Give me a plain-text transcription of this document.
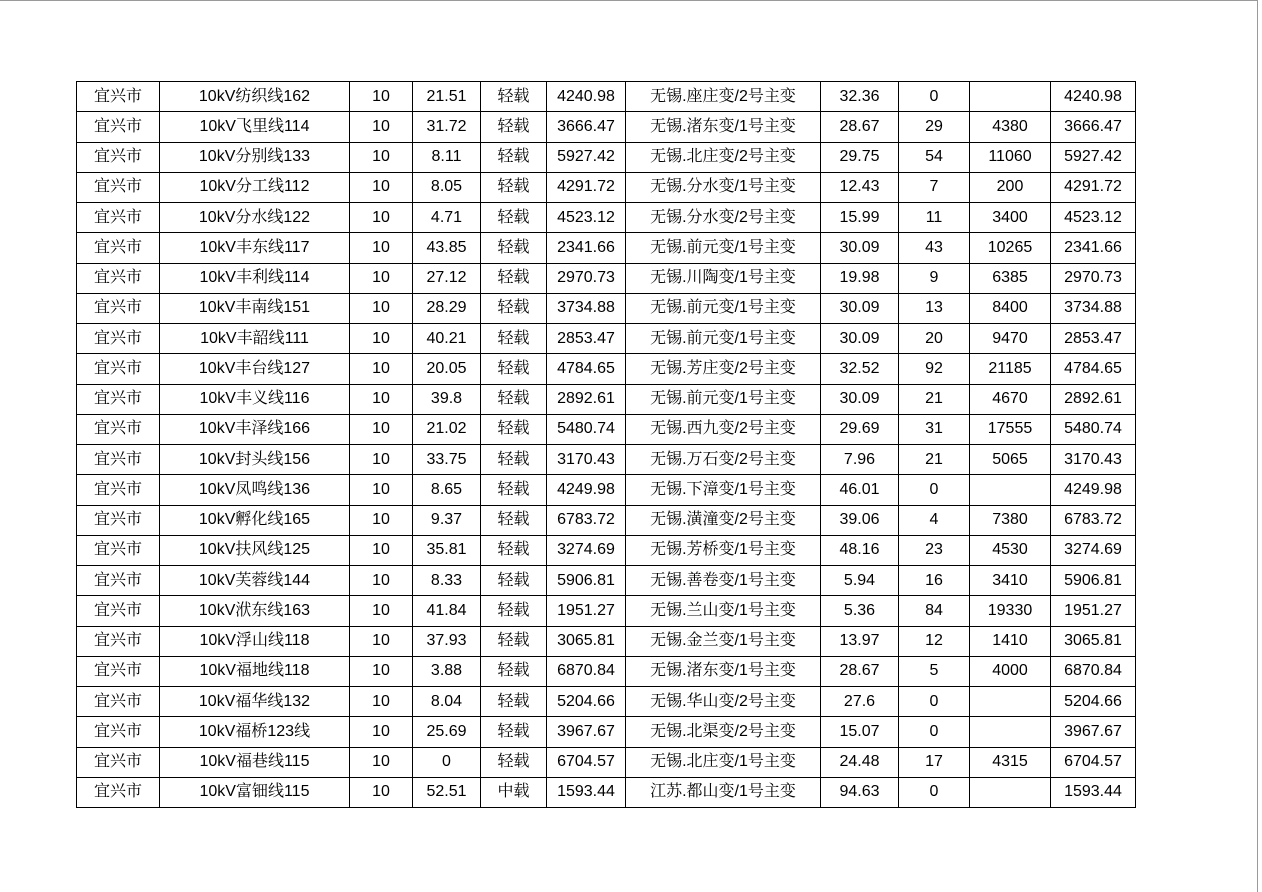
宜兴市	10kV纺织线162	10	21.51	轻载	4240.98	无锡.座庄变/2号主变	32.36	0		4240.98
宜兴市	10kV飞里线114	10	31.72	轻载	3666.47	无锡.渚东变/1号主变	28.67	29	4380	3666.47
宜兴市	10kV分别线133	10	8.11	轻载	5927.42	无锡.北庄变/2号主变	29.75	54	11060	5927.42
宜兴市	10kV分工线112	10	8.05	轻载	4291.72	无锡.分水变/1号主变	12.43	7	200	4291.72
宜兴市	10kV分水线122	10	4.71	轻载	4523.12	无锡.分水变/2号主变	15.99	11	3400	4523.12
宜兴市	10kV丰东线117	10	43.85	轻载	2341.66	无锡.前元变/1号主变	30.09	43	10265	2341.66
宜兴市	10kV丰利线114	10	27.12	轻载	2970.73	无锡.川陶变/1号主变	19.98	9	6385	2970.73
宜兴市	10kV丰南线151	10	28.29	轻载	3734.88	无锡.前元变/1号主变	30.09	13	8400	3734.88
宜兴市	10kV丰韶线111	10	40.21	轻载	2853.47	无锡.前元变/1号主变	30.09	20	9470	2853.47
宜兴市	10kV丰台线127	10	20.05	轻载	4784.65	无锡.芳庄变/2号主变	32.52	92	21185	4784.65
宜兴市	10kV丰义线116	10	39.8	轻载	2892.61	无锡.前元变/1号主变	30.09	21	4670	2892.61
宜兴市	10kV丰泽线166	10	21.02	轻载	5480.74	无锡.西九变/2号主变	29.69	31	17555	5480.74
宜兴市	10kV封头线156	10	33.75	轻载	3170.43	无锡.万石变/2号主变	7.96	21	5065	3170.43
宜兴市	10kV凤鸣线136	10	8.65	轻载	4249.98	无锡.下漳变/1号主变	46.01	0		4249.98
宜兴市	10kV孵化线165	10	9.37	轻载	6783.72	无锡.潢潼变/2号主变	39.06	4	7380	6783.72
宜兴市	10kV扶风线125	10	35.81	轻载	3274.69	无锡.芳桥变/1号主变	48.16	23	4530	3274.69
宜兴市	10kV芙蓉线144	10	8.33	轻载	5906.81	无锡.善卷变/1号主变	5.94	16	3410	5906.81
宜兴市	10kV洑东线163	10	41.84	轻载	1951.27	无锡.兰山变/1号主变	5.36	84	19330	1951.27
宜兴市	10kV浮山线118	10	37.93	轻载	3065.81	无锡.金兰变/1号主变	13.97	12	1410	3065.81
宜兴市	10kV福地线118	10	3.88	轻载	6870.84	无锡.渚东变/1号主变	28.67	5	4000	6870.84
宜兴市	10kV福华线132	10	8.04	轻载	5204.66	无锡.华山变/2号主变	27.6	0		5204.66
宜兴市	10kV福桥123线	10	25.69	轻载	3967.67	无锡.北渠变/2号主变	15.07	0		3967.67
宜兴市	10kV福巷线115	10	0	轻载	6704.57	无锡.北庄变/1号主变	24.48	17	4315	6704.57
宜兴市	10kV富钿线115	10	52.51	中载	1593.44	江苏.都山变/1号主变	94.63	0		1593.44
